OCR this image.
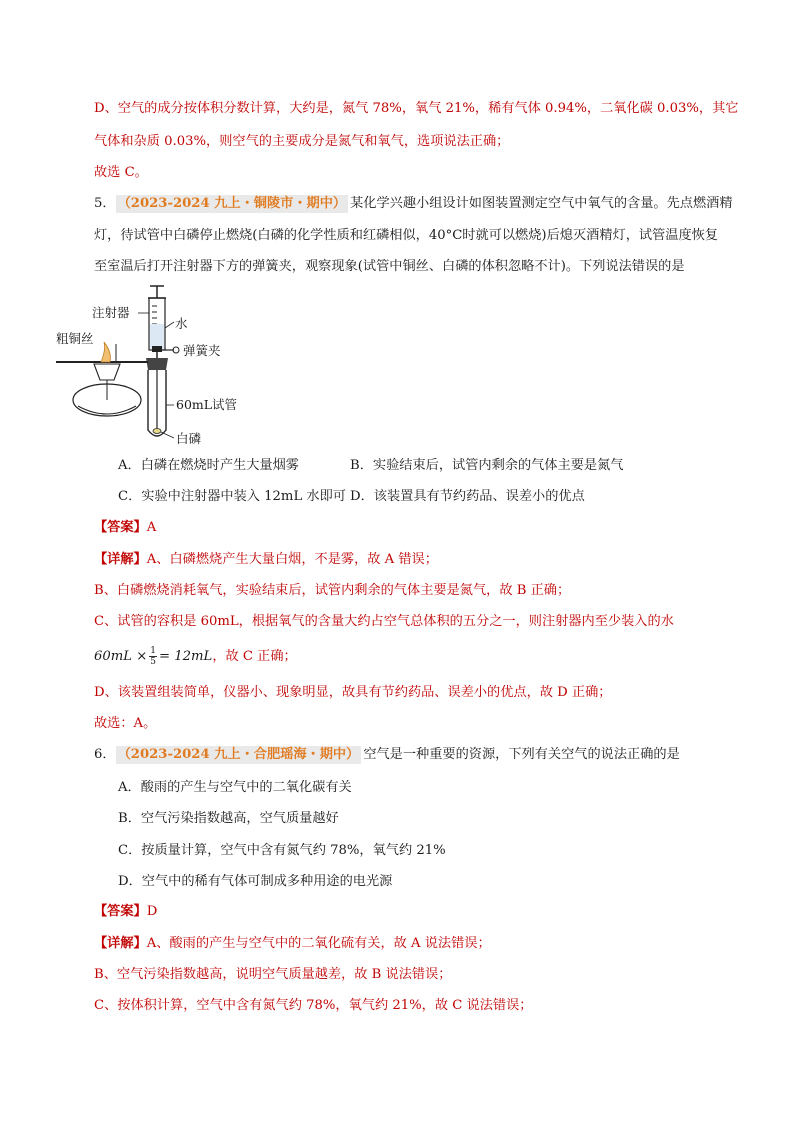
D、空气的成分按体积分数计算，大约是，氮气 78%，氧气 21%，稀有气体 0.94%，二氧化碳 0.03%，其它
气体和杂质 0.03%，则空气的主要成分是氮气和氧气，选项说法正确；
故选 C。
5． （2023-2024 九上・铜陵市・期中） 某化学兴趣小组设计如图装置测定空气中氧气的含量。先点燃酒精
灯，待试管中白磷停止燃烧(白磷的化学性质和红磷相似，40°C时就可以燃烧)后熄灭酒精灯，试管温度恢复
至室温后打开注射器下方的弹簧夹，观察现象(试管中铜丝、白磷的体积忽略不计)。下列说法错误的是
注射器
水
粗铜丝
弹簧夹
60mL试管
白磷
A．白磷在燃烧时产生大量烟雾	B．实验结束后，试管内剩余的气体主要是氮气
C．实验中注射器中装入 12mL 水即可 D．该装置具有节约药品、误差小的优点
【答案】A
【详解】A、白磷燃烧产生大量白烟，不是雾，故 A 错误；
B、白磷燃烧消耗氧气，实验结束后，试管内剩余的气体主要是氮气，故 B 正确；
C、试管的容积是 60mL，根据氧气的含量大约占空气总体积的五分之一，则注射器内至少装入的水
$60mL \times \frac{1}{5} = 12mL$，故 C 正确；
D、该装置组装简单，仪器小、现象明显，故具有节约药品、误差小的优点，故 D 正确；
故选：A。
6． （2023-2024 九上・合肥瑶海・期中） 空气是一种重要的资源，下列有关空气的说法正确的是
A．酸雨的产生与空气中的二氧化碳有关
B．空气污染指数越高，空气质量越好
C．按质量计算，空气中含有氮气约 78%，氧气约 21%
D．空气中的稀有气体可制成多种用途的电光源
【答案】D
【详解】A、酸雨的产生与空气中的二氧化硫有关，故 A 说法错误；
B、空气污染指数越高，说明空气质量越差，故 B 说法错误；
C、按体积计算，空气中含有氮气约 78%，氧气约 21%，故 C 说法错误；
